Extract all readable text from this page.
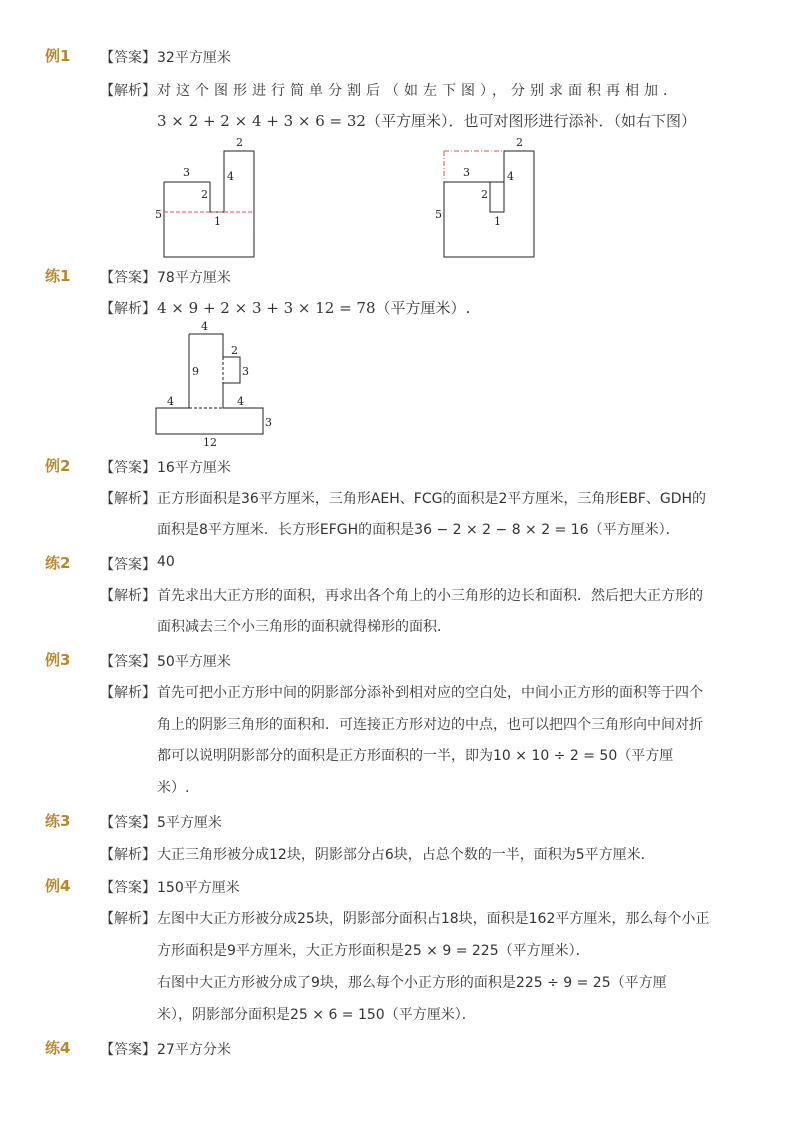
例1 【答案】 32平方厘米
【解析】 对这个图形进行简单分割后（如左下图），分别求面积再相加．
3 × 2 + 2 × 4 + 3 × 6 = 32（平方厘米）．也可对图形进行添补．（如右下图）
2
3
2
4
5
1
2
3
2
4
5
1
练1 【答案】 78平方厘米
【解析】 4 × 9 + 2 × 3 + 3 × 12 = 78（平方厘米）.
4
9
2
3
4	4
3
12
例2 【答案】 16平方厘米
【解析】 正方形面积是36平方厘米，三角形AEH、FCG的面积是2平方厘米，三角形EBF、GDH的
面积是8平方厘米．长方形EFGH的面积是36 − 2 × 2 − 8 × 2 = 16（平方厘米）．
练2 【答案】 40
【解析】 首先求出大正方形的面积，再求出各个角上的小三角形的边长和面积．然后把大正方形的
面积减去三个小三角形的面积就得梯形的面积．
例3 【答案】 50平方厘米
【解析】 首先可把小正方形中间的阴影部分添补到相对应的空白处，中间小正方形的面积等于四个
角上的阴影三角形的面积和．可连接正方形对边的中点，也可以把四个三角形向中间对折
都可以说明阴影部分的面积是正方形面积的一半，即为10 × 10 ÷ 2 = 50（平方厘
米）.
练3 【答案】 5平方厘米
【解析】 大正三角形被分成12块，阴影部分占6块，占总个数的一半，面积为5平方厘米．
例4 【答案】 150平方厘米
【解析】 左图中大正方形被分成25块，阴影部分面积占18块，面积是162平方厘米，那么每个小正
方形面积是9平方厘米，大正方形面积是25 × 9 = 225（平方厘米）．
右图中大正方形被分成了9块，那么每个小正方形的面积是225 ÷ 9 = 25（平方厘
米），阴影部分面积是25 × 6 = 150（平方厘米）．
练4 【答案】 27平方分米
